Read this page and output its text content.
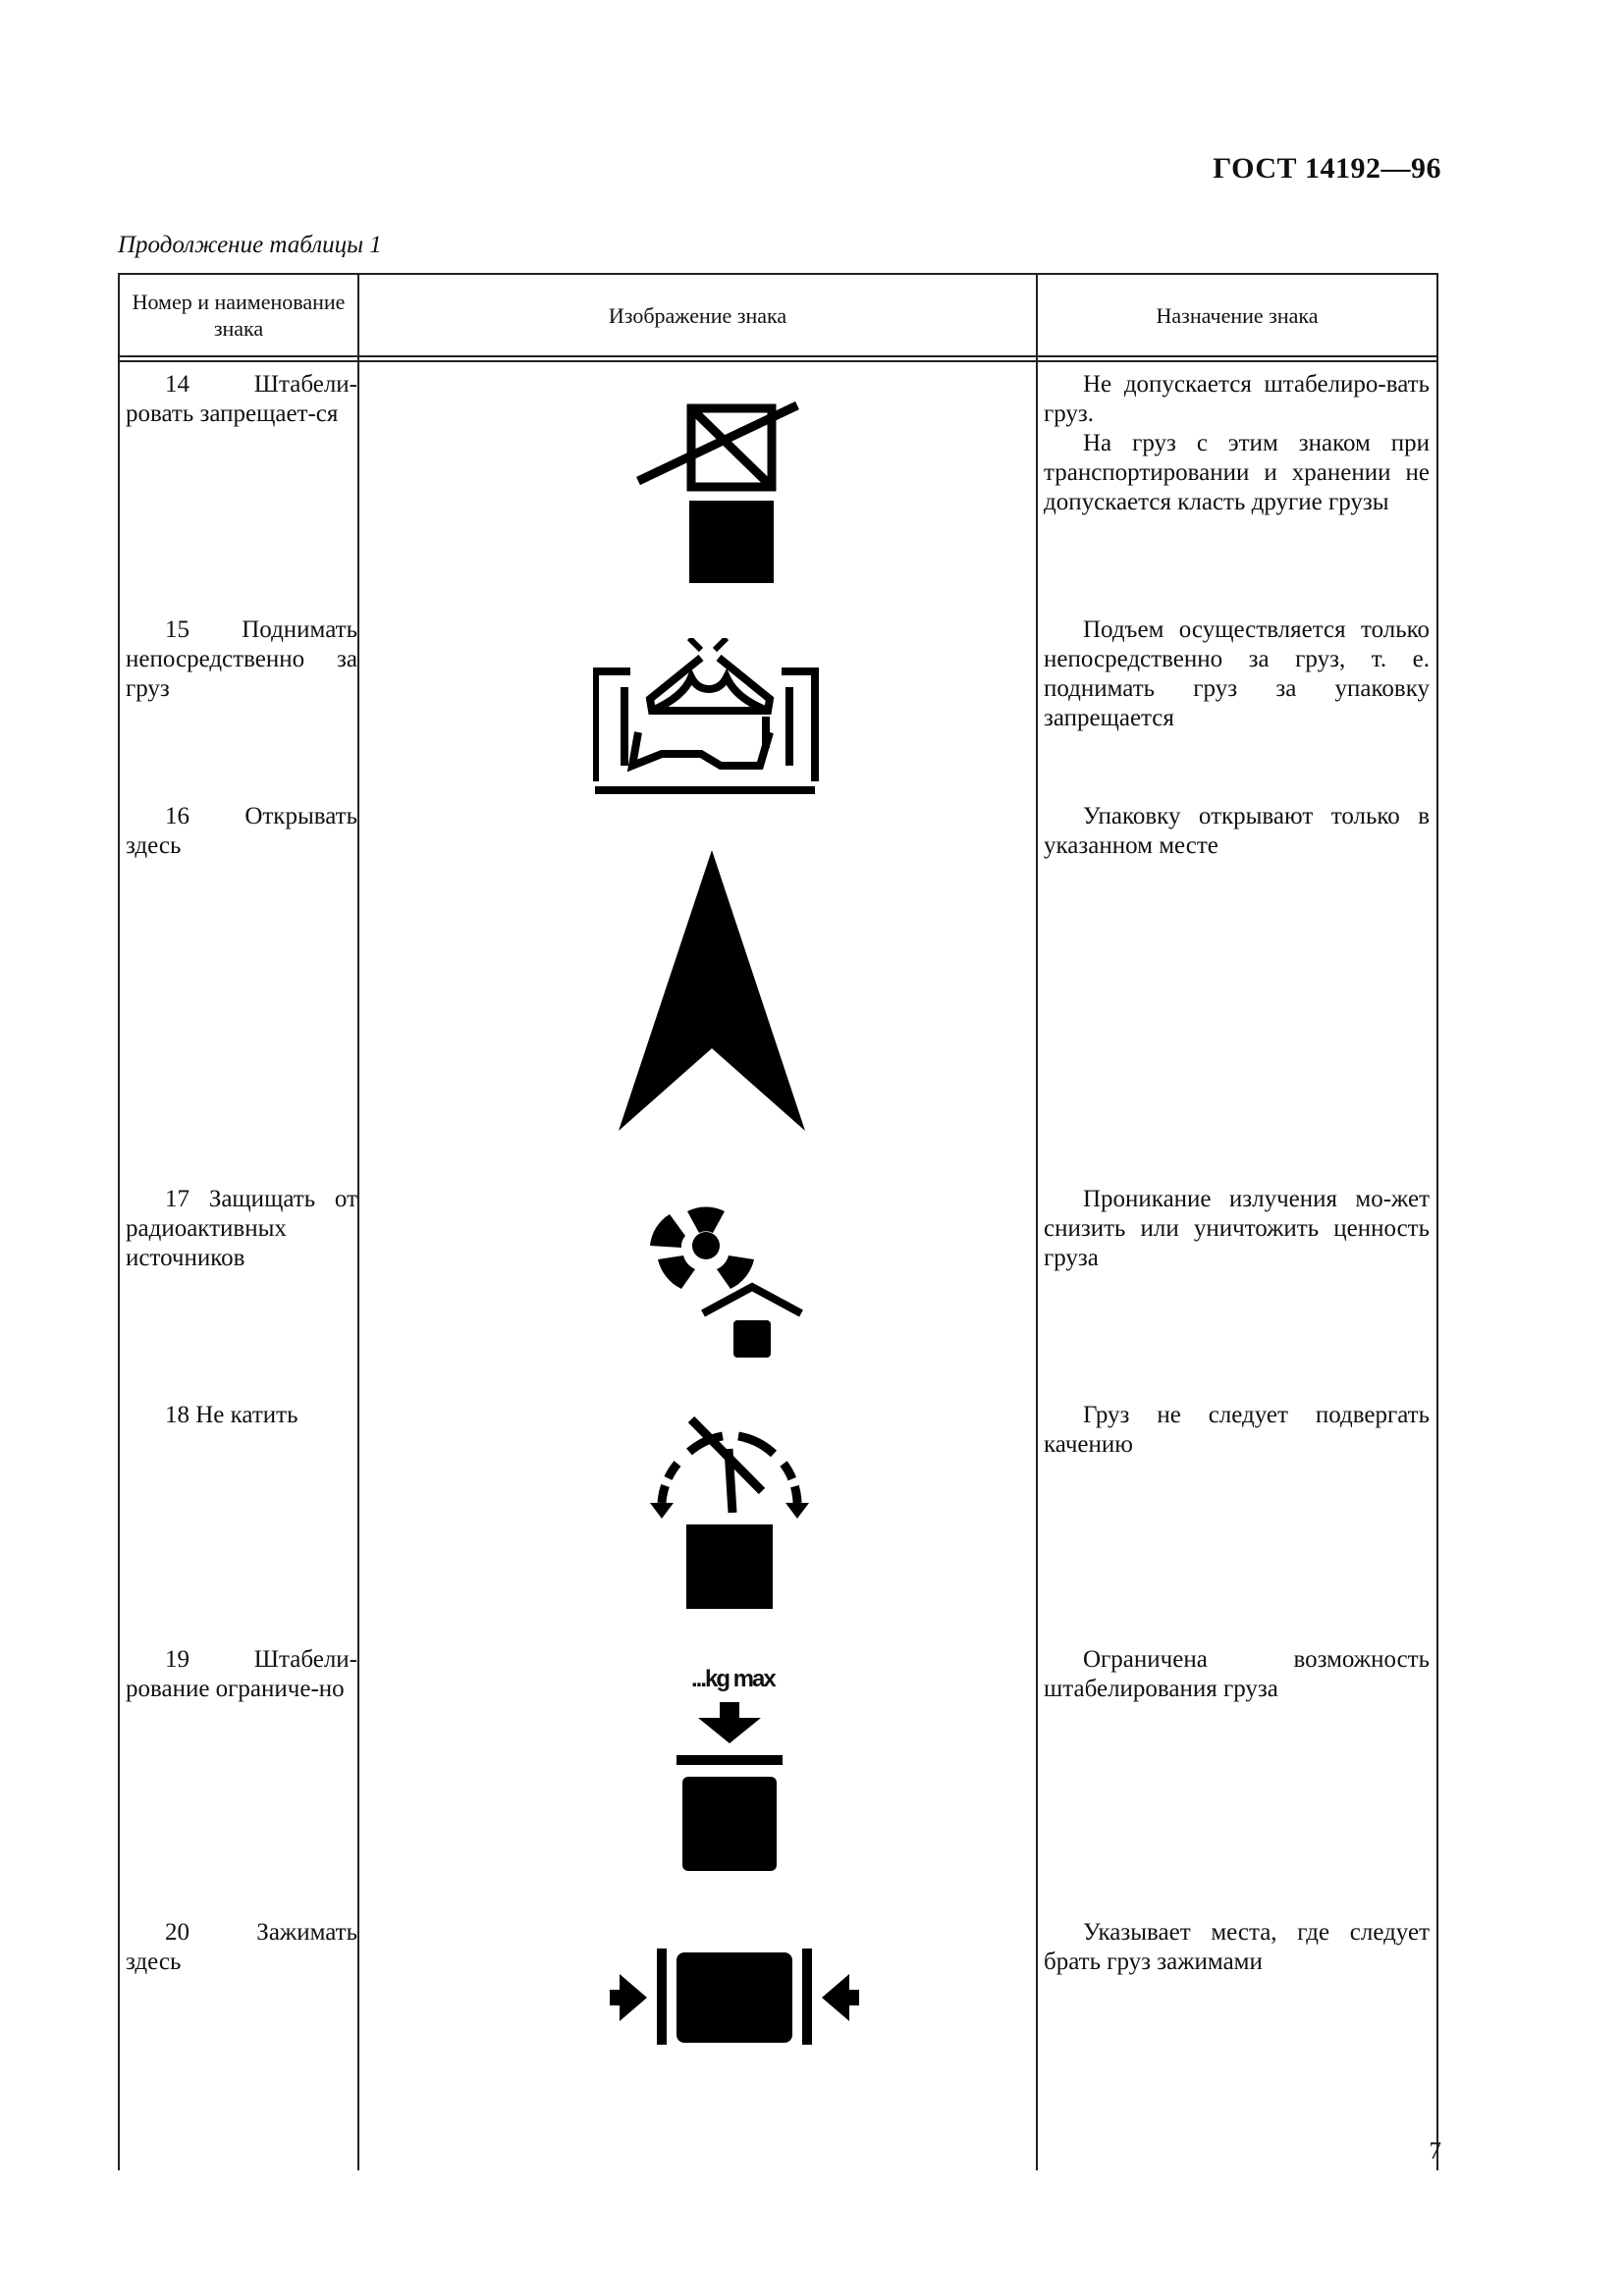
ГОСТ 14192—96
Продолжение таблицы 1
Номер и наименование знака
Изображение знака	Назначение знака

14 Штабели-ровать запрещает-ся

Не допускается штабелиро-вать груз.

На груз с этим знаком при транспортировании и хранении не допускается класть другие грузы

15 Поднимать непосредственно за груз

Подъем осуществляется только непосредственно за груз, т. е. поднимать груз за упаковку запрещается

16 Открывать здесь

Упаковку открывают только в указанном месте

17 Защищать от радиоактивных источников

Проникание излучения мо-жет снизить или уничтожить ценность груза

18 Не катить	Груз не следует подвергать качению

19 Штабели-рование ограниче-но

Ограничена возможность штабелирования груза

...kg max

20 Зажимать здесь

Указывает места, где следует брать груз зажимами

7
